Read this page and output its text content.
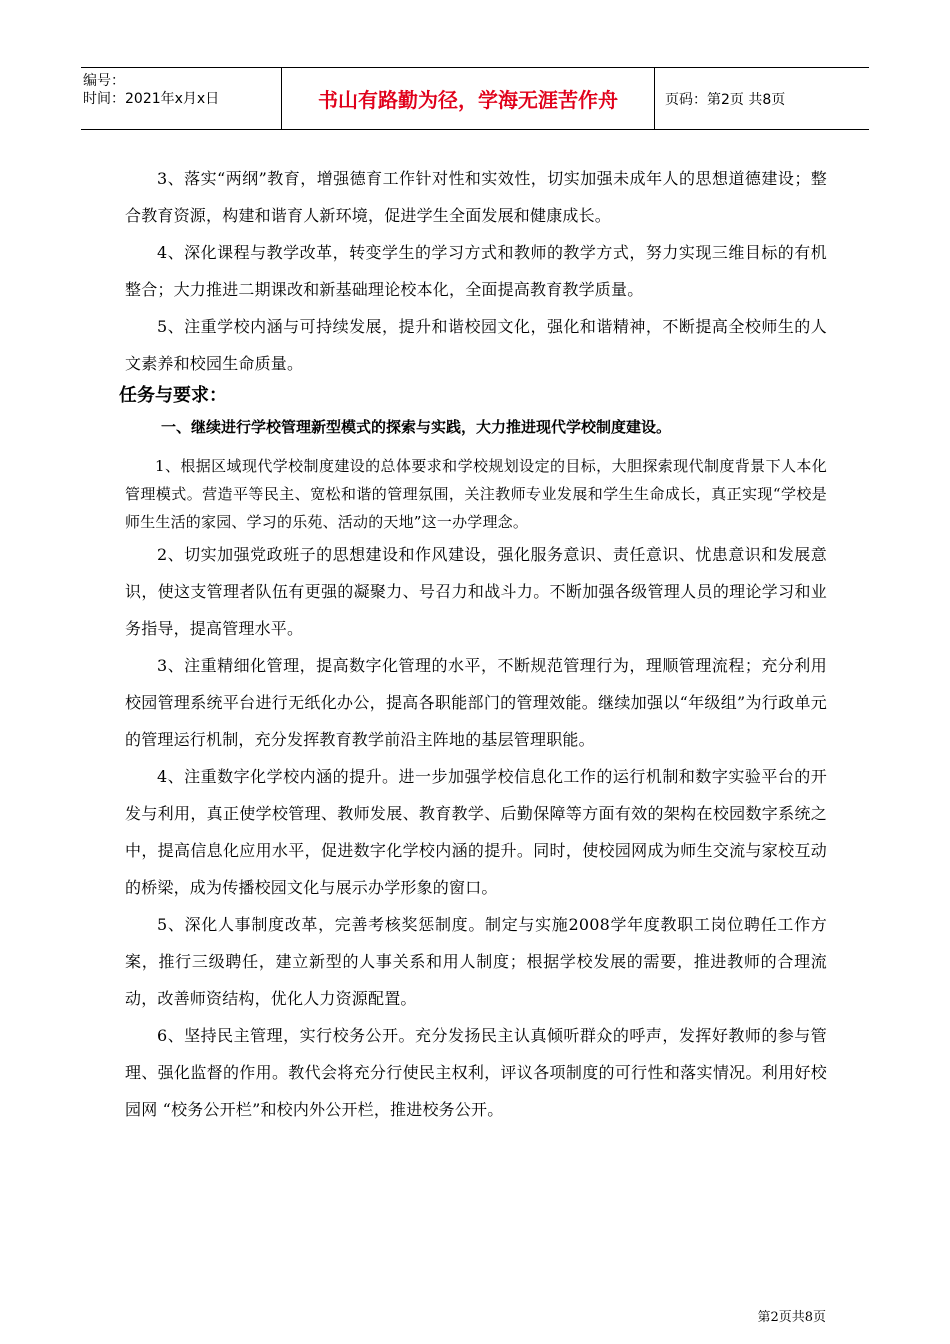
编号：
时间：2021年x月x日	书山有路勤为径，学海无涯苦作舟	页码：第2页 共8页

3、落实“两纲”教育，增强德育工作针对性和实效性，切实加强未成年人的思想道德建设；整合教育资源，构建和谐育人新环境，促进学生全面发展和健康成长。

4、深化课程与教学改革，转变学生的学习方式和教师的教学方式，努力实现三维目标的有机整合；大力推进二期课改和新基础理论校本化，全面提高教育教学质量。

5、注重学校内涵与可持续发展，提升和谐校园文化，强化和谐精神，不断提高全校师生的人文素养和校园生命质量。

任务与要求：
一、继续进行学校管理新型模式的探索与实践，大力推进现代学校制度建设。

1、根据区域现代学校制度建设的总体要求和学校规划设定的目标，大胆探索现代制度背景下人本化管理模式。营造平等民主、宽松和谐的管理氛围，关注教师专业发展和学生生命成长，真正实现“学校是师生生活的家园、学习的乐苑、活动的天地”这一办学理念。

2、切实加强党政班子的思想建设和作风建设，强化服务意识、责任意识、忧患意识和发展意识，使这支管理者队伍有更强的凝聚力、号召力和战斗力。不断加强各级管理人员的理论学习和业务指导，提高管理水平。

3、注重精细化管理，提高数字化管理的水平，不断规范管理行为，理顺管理流程；充分利用校园管理系统平台进行无纸化办公，提高各职能部门的管理效能。继续加强以“年级组”为行政单元的管理运行机制，充分发挥教育教学前沿主阵地的基层管理职能。

4、注重数字化学校内涵的提升。进一步加强学校信息化工作的运行机制和数字实验平台的开发与利用，真正使学校管理、教师发展、教育教学、后勤保障等方面有效的架构在校园数字系统之中，提高信息化应用水平，促进数字化学校内涵的提升。同时，使校园网成为师生交流与家校互动的桥梁，成为传播校园文化与展示办学形象的窗口。

5、深化人事制度改革，完善考核奖惩制度。制定与实施2008学年度教职工岗位聘任工作方案，推行三级聘任，建立新型的人事关系和用人制度；根据学校发展的需要，推进教师的合理流动，改善师资结构，优化人力资源配置。

6、坚持民主管理，实行校务公开。充分发扬民主认真倾听群众的呼声，发挥好教师的参与管理、强化监督的作用。教代会将充分行使民主权利，评议各项制度的可行性和落实情况。利用好校园网 “校务公开栏”和校内外公开栏，推进校务公开。

第2页共8页
